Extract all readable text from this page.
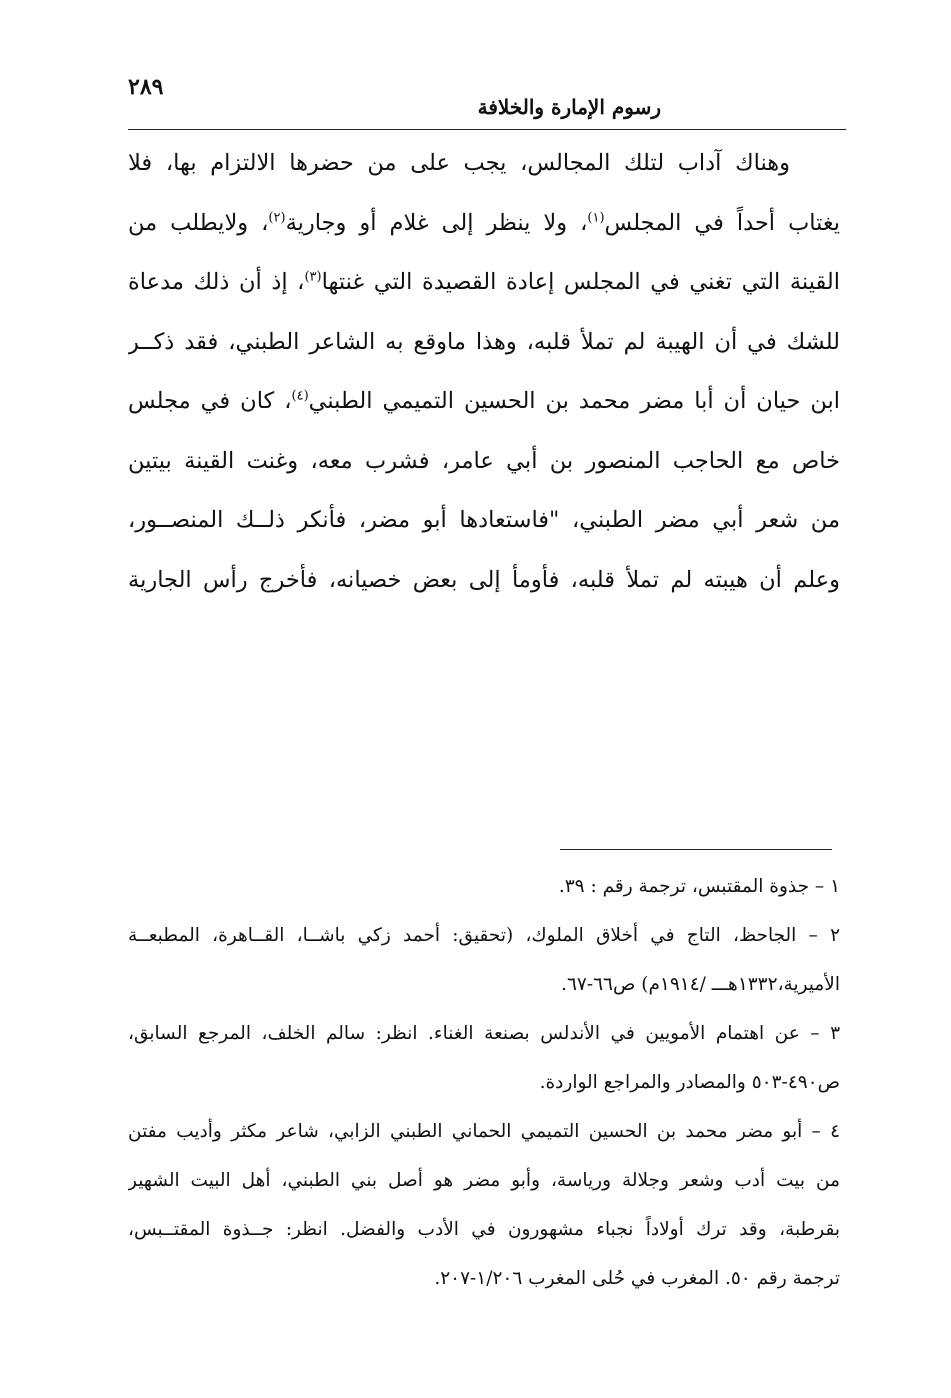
٢٨٩
رسوم الإمارة والخلافة
وهناك آداب لتلك المجالس، يجب على من حضرها الالتزام بها، فلا
يغتاب أحداً في المجلس$^{(١)}$، ولا ينظر إلى غلام أو وجارية$^{(٢)}$، ولايطلب من
القينة التي تغني في المجلس إعادة القصيدة التي غنتها$^{(٣)}$، إذ أن ذلك مدعاة
للشك في أن الهيبة لم تملأ قلبه، وهذا ماوقع به الشاعر الطبني، فقد ذكــر
ابن حيان أن أبا مضر محمد بن الحسين التميمي الطبني$^{(٤)}$، كان في مجلس
خاص مع الحاجب المنصور بن أبي عامر، فشرب معه، وغنت القينة بيتين
من شعر أبي مضر الطبني، "فاستعادها أبو مضر، فأنكر ذلــك المنصــور،
وعلم أن هيبته لم تملأ قلبه، فأومأ إلى بعض خصيانه، فأخرج رأس الجارية
١ – جذوة المقتبس، ترجمة رقم : ٣٩.
٢ – الجاحظ، التاج في أخلاق الملوك، (تحقيق: أحمد زكي باشــا، القــاهرة، المطبعــة
الأميرية،١٣٣٢هـــ /١٩١٤م) ص٦٦-٦٧.
٣ – عن اهتمام الأمويين في الأندلس بصنعة الغناء. انظر: سالم الخلف، المرجع السابق،
ص٤٩٠-٥٠٣ والمصادر والمراجع الواردة.
٤ – أبو مضر محمد بن الحسين التميمي الحماني الطبني الزابي، شاعر مكثر وأديب مفتن
من بيت أدب وشعر وجلالة ورياسة، وأبو مضر هو أصل بني الطبني، أهل البيت الشهير
بقرطبة، وقد ترك أولاداً نجباء مشهورون في الأدب والفضل. انظر: جــذوة المقتــبس،
ترجمة رقم ٥٠. المغرب في حُلى المغرب ١/٢٠٦-٢٠٧.
